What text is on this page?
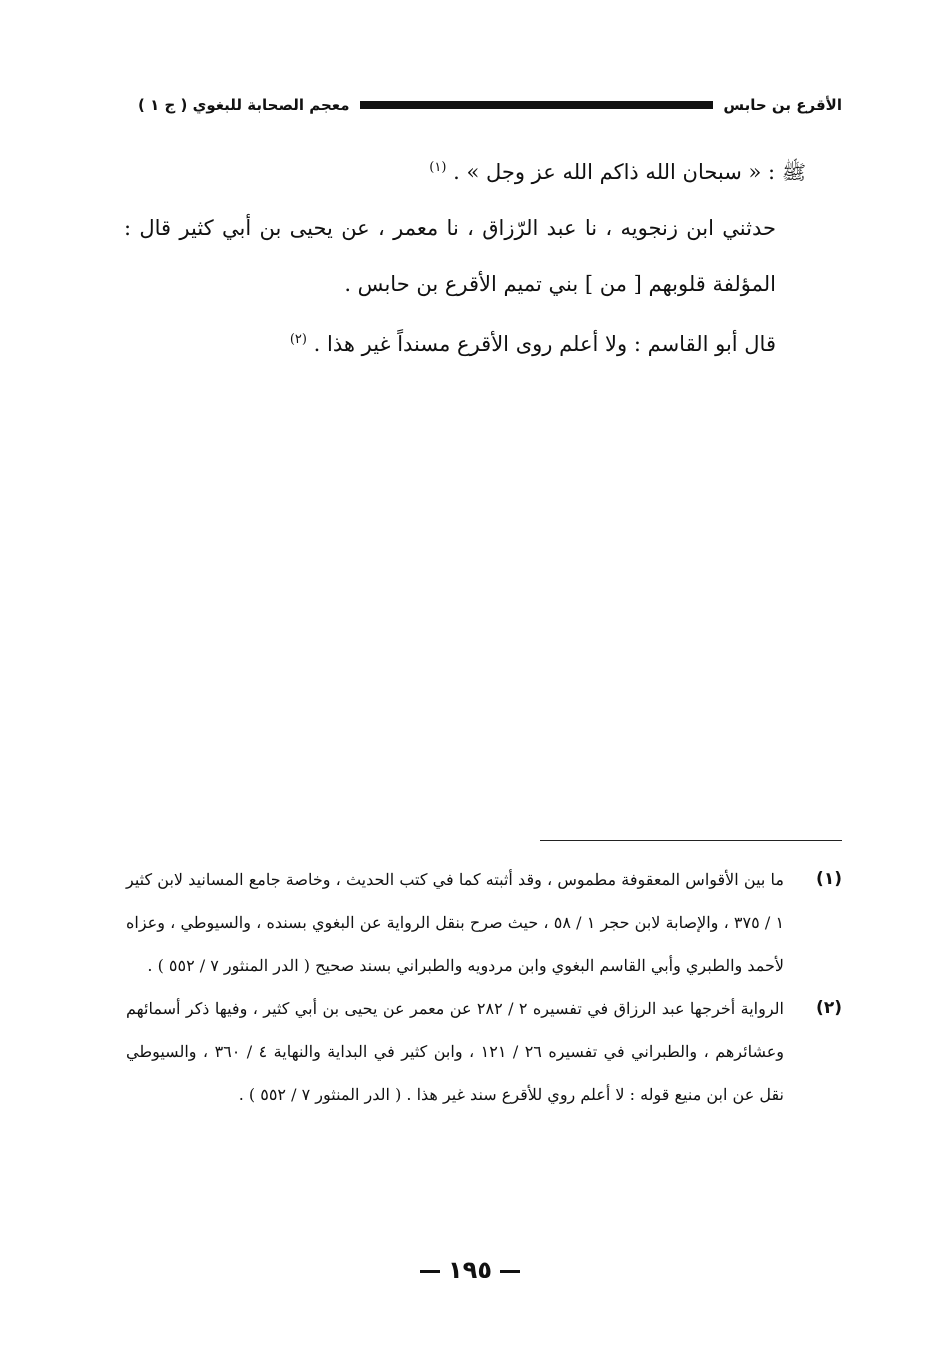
معجم الصحابة للبغوي ( ج ١ )	الأقرع بن حابس

ﷺ : « سبحان الله ذاكم الله عز وجل » . $^{(١)}$

حدثني ابن زنجويه ، نا عبد الرّزاق ، نا معمر ، عن يحيى بن أبي كثير قال : المؤلفة قلوبهم [ من ] بني تميم الأقرع بن حابس .

قال أبو القاسم : ولا أعلم روى الأقرع مسنداً غير هذا . $^{(٢)}$

(١)
ما بين الأقواس المعقوفة مطموس ، وقد أثبته كما في كتب الحديث ، وخاصة جامع المسانيد لابن كثير ١ / ٣٧٥ ، والإصابة لابن حجر ١ / ٥٨ ، حيث صرح بنقل الرواية عن البغوي بسنده ، والسيوطي ، وعزاه لأحمد والطبري وأبي القاسم البغوي وابن مردويه والطبراني بسند صحيح ( الدر المنثور ٧ / ٥٥٢ ) .
(٢)
الرواية أخرجها عبد الرزاق في تفسيره ٢ / ٢٨٢ عن معمر عن يحيى بن أبي كثير ، وفيها ذكر أسمائهم وعشائرهم ، والطبراني في تفسيره ٢٦ / ١٢١ ، وابن كثير في البداية والنهاية ٤ / ٣٦٠ ، والسيوطي نقل عن ابن منيع قوله : لا أعلم روي للأقرع سند غير هذا . ( الدر المنثور ٧ / ٥٥٢ ) .
١٩٥
